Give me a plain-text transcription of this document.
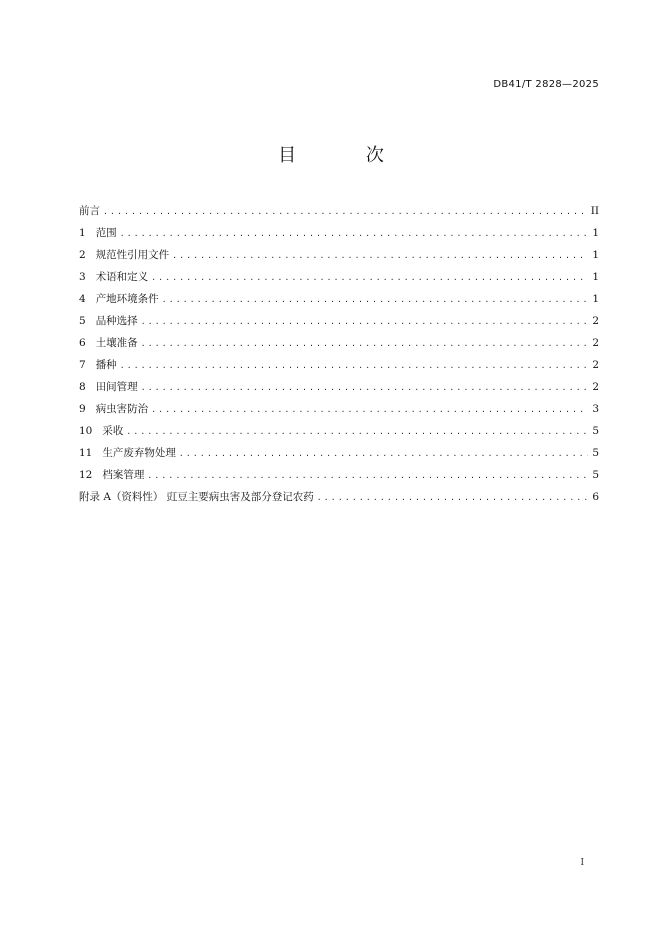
DB41/T 2828—2025
目 次
前言 .....	II
1 范围 .....	1
2 规范性引用文件 .....	1
3 术语和定义 .....	1
4 产地环境条件 .....	1
5 品种选择 .....	2
6 土壤准备 .....	2
7 播种 .....	2
8 田间管理 .....	2
9 病虫害防治 .....	3
10 采收 .....	5
11 生产废弃物处理 .....	5
12 档案管理 .....	5
附录 A（资料性） 豇豆主要病虫害及部分登记农药 .....	6
I
